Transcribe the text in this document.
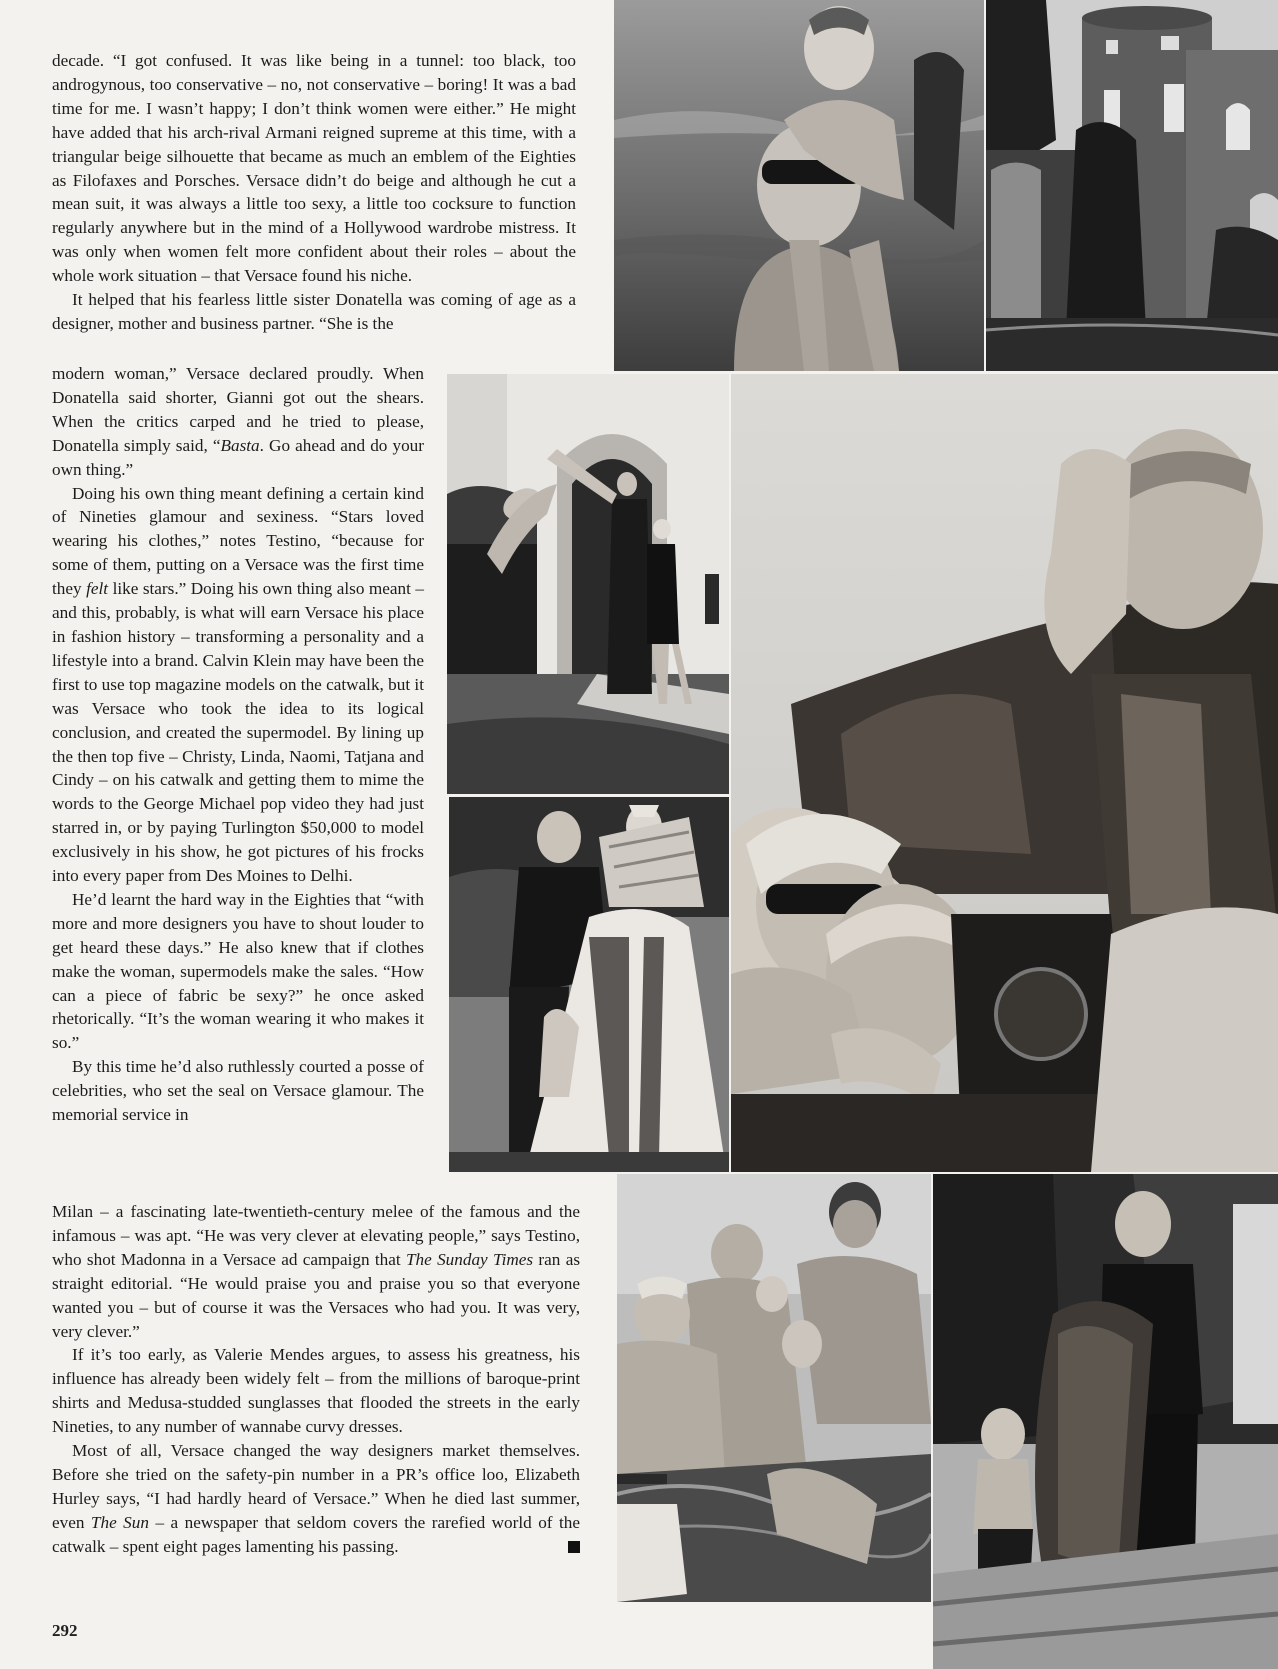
decade. “I got confused. It was like being in a tunnel: too black, too androgynous, too conservative – no, not conservative – boring! It was a bad time for me. I wasn’t happy; I don’t think women were either.” He might have added that his arch-rival Armani reigned supreme at this time, with a triangular beige silhouette that became as much an emblem of the Eighties as Filofaxes and Porsches. Versace didn’t do beige and although he cut a mean suit, it was always a little too sexy, a little too cocksure to function regularly anywhere but in the mind of a Hollywood wardrobe mistress. It was only when women felt more confident about their roles – about the whole work situation – that Versace found his niche.

It helped that his fearless little sister Donatella was coming of age as a designer, mother and business partner. “She is the

modern woman,” Versace declared proudly. When Donatella said shorter, Gianni got out the shears. When the critics carped and he tried to please, Donatella simply said, “Basta. Go ahead and do your own thing.”

Doing his own thing meant defining a certain kind of Nineties glamour and sexiness. “Stars loved wearing his clothes,” notes Testino, “because for some of them, putting on a Versace was the first time they felt like stars.” Doing his own thing also meant – and this, probably, is what will earn Versace his place in fashion history – transforming a personality and a lifestyle into a brand. Calvin Klein may have been the first to use top magazine models on the catwalk, but it was Versace who took the idea to its logical conclusion, and created the supermodel. By lining up the then top five – Christy, Linda, Naomi, Tatjana and Cindy – on his catwalk and getting them to mime the words to the George Michael pop video they had just starred in, or by paying Turlington $50,000 to model exclusively in his show, he got pictures of his frocks into every paper from Des Moines to Delhi.

He’d learnt the hard way in the Eighties that “with more and more designers you have to shout louder to get heard these days.” He also knew that if clothes make the woman, supermodels make the sales. “How can a piece of fabric be sexy?” he once asked rhetorically. “It’s the woman wearing it who makes it so.”

By this time he’d also ruthlessly courted a posse of celebrities, who set the seal on Versace glamour. The memorial service in

Milan – a fascinating late-twentieth-century melee of the famous and the infamous – was apt. “He was very clever at elevating people,” says Testino, who shot Madonna in a Versace ad campaign that The Sunday Times ran as straight editorial. “He would praise you and praise you so that everyone wanted you – but of course it was the Versaces who had you. It was very, very clever.”

If it’s too early, as Valerie Mendes argues, to assess his greatness, his influence has already been widely felt – from the millions of baroque-print shirts and Medusa-studded sunglasses that flooded the streets in the early Nineties, to any number of wannabe curvy dresses.

Most of all, Versace changed the way designers market themselves. Before she tried on the safety-pin number in a PR’s office loo, Elizabeth Hurley says, “I had hardly heard of Versace.” When he died last summer, even The Sun – a newspaper that seldom covers the rarefied world of the catwalk – spent eight pages lamenting his passing.

292
